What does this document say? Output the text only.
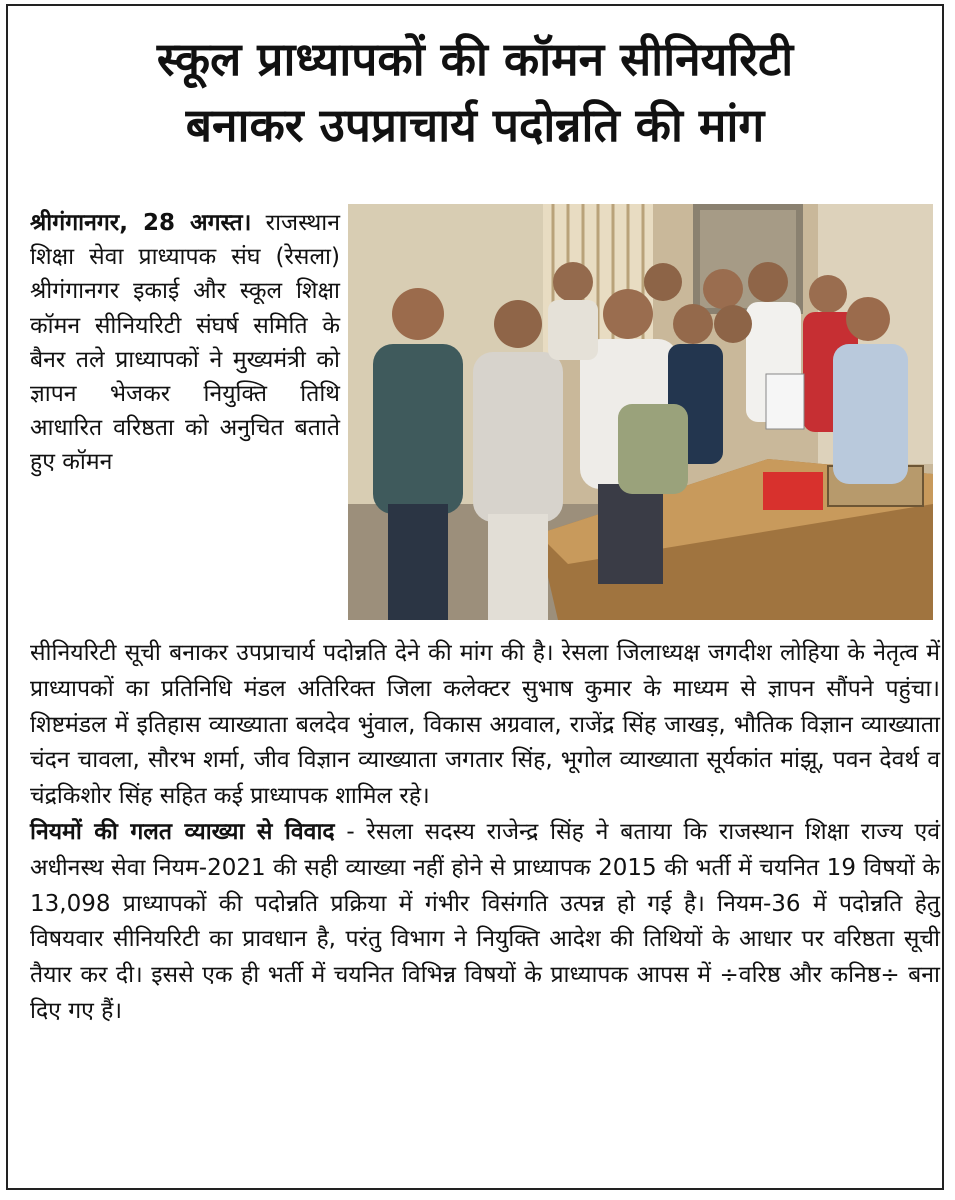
स्कूल प्राध्यापकों की कॉमन सीनियरिटी
बनाकर उपप्राचार्य पदोन्नति की मांग
श्रीगंगानगर, 28 अगस्त। राजस्थान शिक्षा सेवा प्राध्यापक संघ (रेसला) श्रीगंगानगर इकाई और स्कूल शिक्षा कॉमन सीनियरिटी संघर्ष समिति के बैनर तले प्राध्यापकों ने मुख्यमंत्री को ज्ञापन भेजकर नियुक्ति तिथि आधारित वरिष्ठता को अनुचित बताते हुए कॉमन

सीनियरिटी सूची बनाकर उपप्राचार्य पदोन्नति देने की मांग की है। रेसला जिलाध्यक्ष जगदीश लोहिया के नेतृत्व में प्राध्यापकों का प्रतिनिधि मंडल अतिरिक्त जिला कलेक्टर सुभाष कुमार के माध्यम से ज्ञापन सौंपने पहुंचा। शिष्टमंडल में इतिहास व्याख्याता बलदेव भुंवाल, विकास अग्रवाल, राजेंद्र सिंह जाखड़, भौतिक विज्ञान व्याख्याता चंदन चावला, सौरभ शर्मा, जीव विज्ञान व्याख्याता जगतार सिंह, भूगोल व्याख्याता सूर्यकांत मांझू, पवन देवर्थ व चंद्रकिशोर सिंह सहित कई प्राध्यापक शामिल रहे।

नियमों की गलत व्याख्या से विवाद - रेसला सदस्य राजेन्द्र सिंह ने बताया कि राजस्थान शिक्षा राज्य एवं अधीनस्थ सेवा नियम-2021 की सही व्याख्या नहीं होने से प्राध्यापक 2015 की भर्ती में चयनित 19 विषयों के 13,098 प्राध्यापकों की पदोन्नति प्रक्रिया में गंभीर विसंगति उत्पन्न हो गई है। नियम-36 में पदोन्नति हेतु विषयवार सीनियरिटी का प्रावधान है, परंतु विभाग ने नियुक्ति आदेश की तिथियों के आधार पर वरिष्ठता सूची तैयार कर दी। इससे एक ही भर्ती में चयनित विभिन्न विषयों के प्राध्यापक आपस में ÷वरिष्ठ और कनिष्ठ÷ बना दिए गए हैं।
